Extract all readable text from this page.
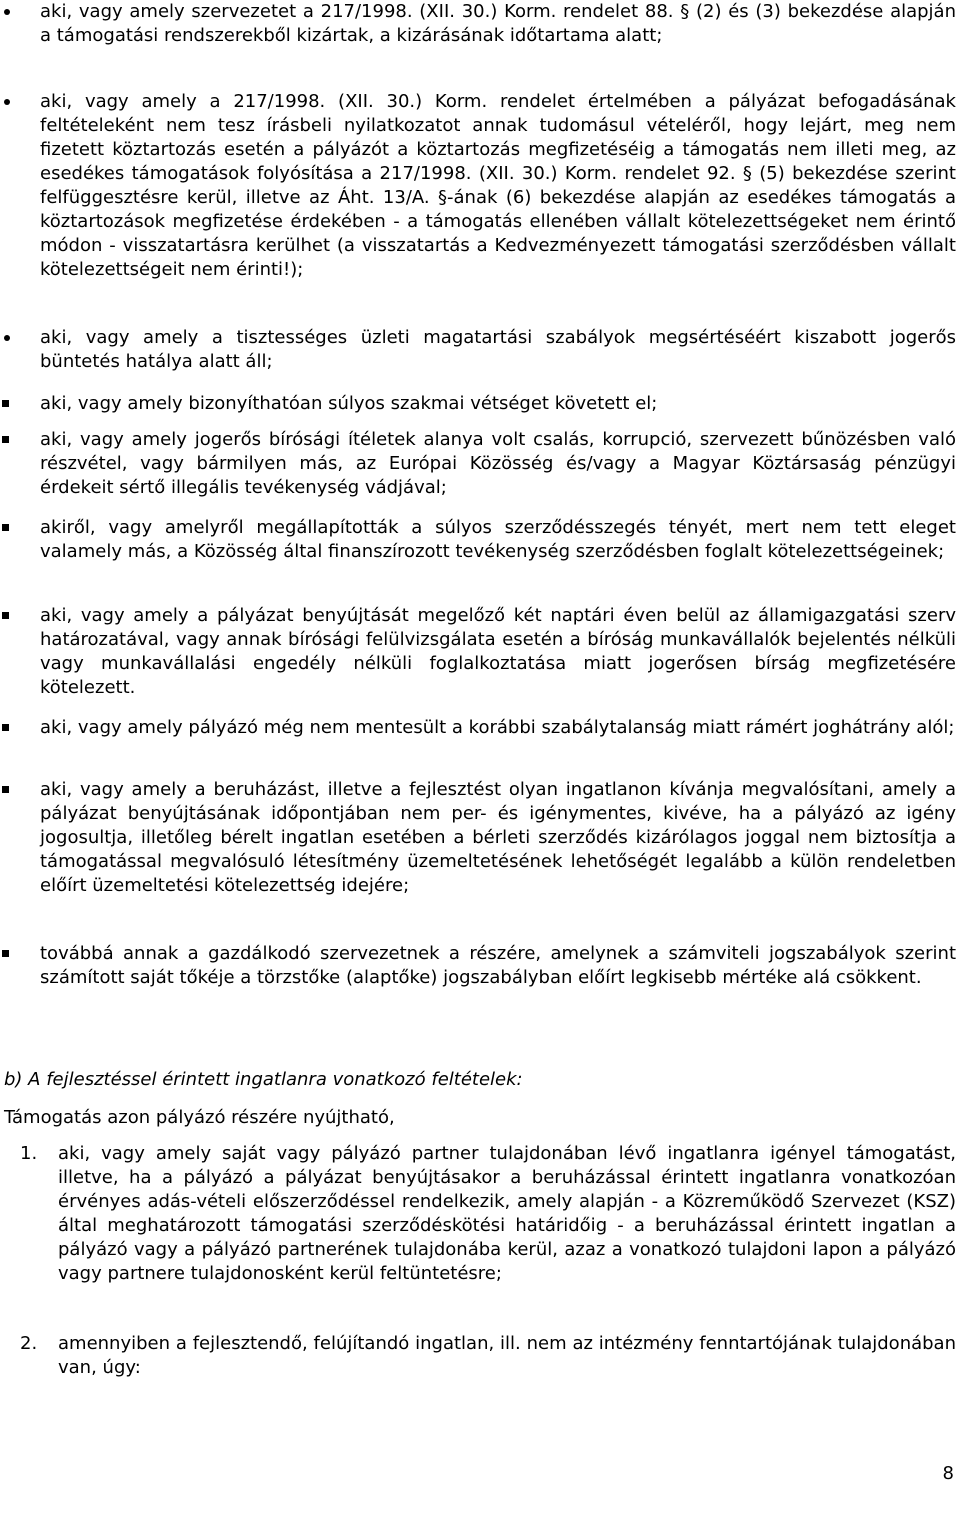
aki, vagy amely szervezetet a 217/1998. (XII. 30.) Korm. rendelet 88. § (2) és (3) bekezdése alapján a támogatási rendszerekből kizártak, a kizárásának időtartama alatt;
aki, vagy amely a 217/1998. (XII. 30.) Korm. rendelet értelmében a pályázat befogadásának feltételeként nem tesz írásbeli nyilatkozatot annak tudomásul vételéről, hogy lejárt, meg nem fizetett köztartozás esetén a pályázót a köztartozás megfizetéséig a támogatás nem illeti meg, az esedékes támogatások folyósítása a 217/1998. (XII. 30.) Korm. rendelet 92. § (5) bekezdése szerint felfüggesztésre kerül, illetve az Áht. 13/A. §-ának (6) bekezdése alapján az esedékes támogatás a köztartozások megfizetése érdekében - a támogatás ellenében vállalt kötelezettségeket nem érintő módon - visszatartásra kerülhet (a visszatartás a Kedvezményezett támogatási szerződésben vállalt kötelezettségeit nem érinti!);
aki, vagy amely a tisztességes üzleti magatartási szabályok megsértéséért kiszabott jogerős büntetés hatálya alatt áll;
aki, vagy amely bizonyíthatóan súlyos szakmai vétséget követett el;
aki, vagy amely jogerős bírósági ítéletek alanya volt csalás, korrupció, szervezett bűnözésben való részvétel, vagy bármilyen más, az Európai Közösség és/vagy a Magyar Köztársaság pénzügyi érdekeit sértő illegális tevékenység vádjával;
akiről, vagy amelyről megállapították a súlyos szerződésszegés tényét, mert nem tett eleget valamely más, a Közösség által finanszírozott tevékenység szerződésben foglalt kötelezettségeinek;
aki, vagy amely a pályázat benyújtását megelőző két naptári éven belül az államigazgatási szerv határozatával, vagy annak bírósági felülvizsgálata esetén a bíróság munkavállalók bejelentés nélküli vagy munkavállalási engedély nélküli foglalkoztatása miatt jogerősen bírság megfizetésére kötelezett.
aki, vagy amely pályázó még nem mentesült a korábbi szabálytalanság miatt rámért joghátrány alól;
aki, vagy amely a beruházást, illetve a fejlesztést olyan ingatlanon kívánja megvalósítani, amely a pályázat benyújtásának időpontjában nem per- és igénymentes, kivéve, ha a pályázó az igény jogosultja, illetőleg bérelt ingatlan esetében a bérleti szerződés kizárólagos joggal nem biztosítja a támogatással megvalósuló létesítmény üzemeltetésének lehetőségét legalább a külön rendeletben előírt üzemeltetési kötelezettség idejére;
továbbá annak a gazdálkodó szervezetnek a részére, amelynek a számviteli jogszabályok szerint számított saját tőkéje a törzstőke (alaptőke) jogszabályban előírt legkisebb mértéke alá csökkent.
b) A fejlesztéssel érintett ingatlanra vonatkozó feltételek:
Támogatás azon pályázó részére nyújtható,
1. aki, vagy amely saját vagy pályázó partner tulajdonában lévő ingatlanra igényel támogatást, illetve, ha a pályázó a pályázat benyújtásakor a beruházással érintett ingatlanra vonatkozóan érvényes adás-vételi előszerződéssel rendelkezik, amely alapján - a Közreműködő Szervezet (KSZ) által meghatározott támogatási szerződéskötési határidőig - a beruházással érintett ingatlan a pályázó vagy a pályázó partnerének tulajdonába kerül, azaz a vonatkozó tulajdoni lapon a pályázó vagy partnere tulajdonosként kerül feltüntetésre;
2. amennyiben a fejlesztendő, felújítandó ingatlan, ill. nem az intézmény fenntartójának tulajdonában van, úgy:
8
